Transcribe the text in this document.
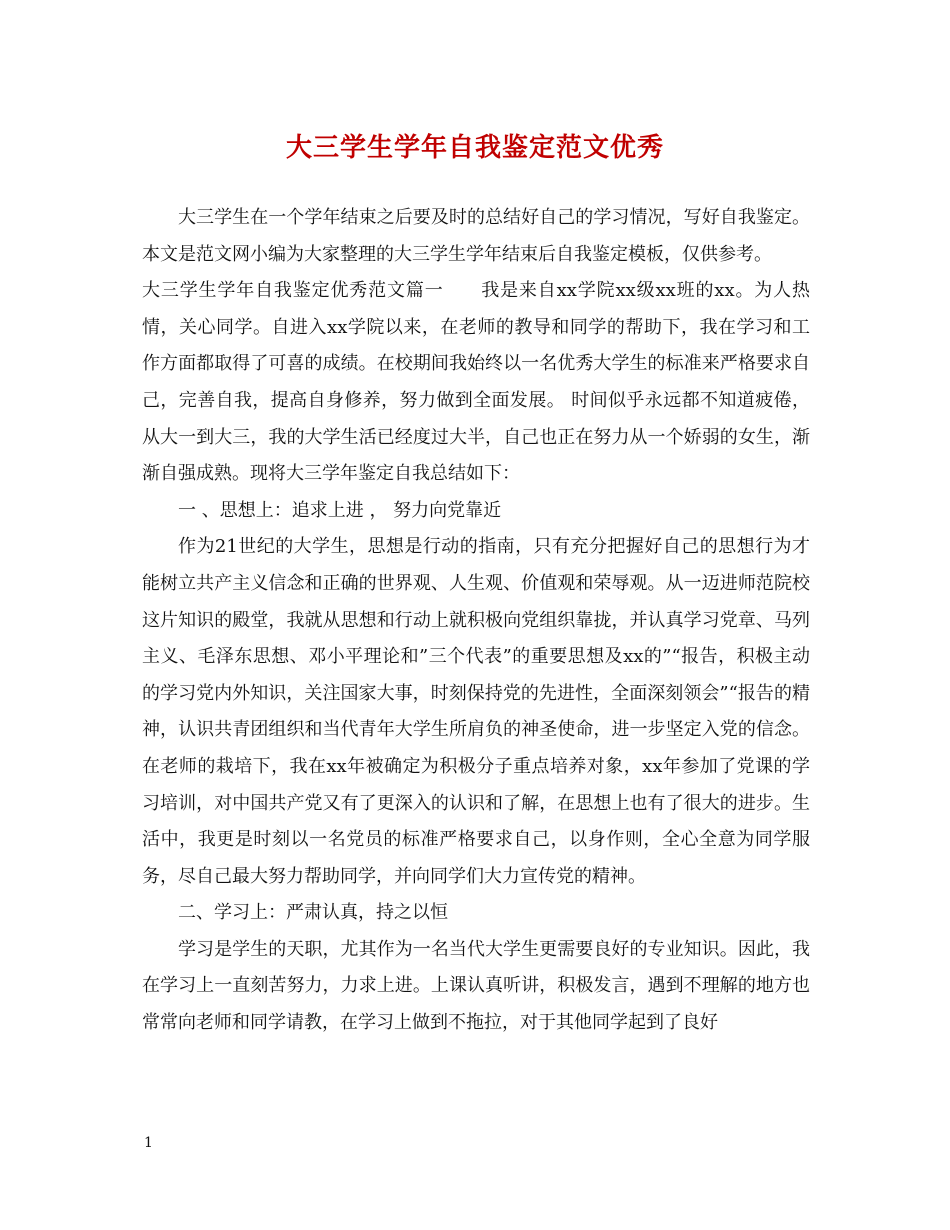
大三学生学年自我鉴定范文优秀

大三学生在一个学年结束之后要及时的总结好自己的学习情况，写好自我鉴定。本文是范文网小编为大家整理的大三学生学年结束后自我鉴定模板，仅供参考。

大三学生学年自我鉴定优秀范文篇一　　我是来自xx学院xx级xx班的xx。为人热情，关心同学。自进入xx学院以来，在老师的教导和同学的帮助下，我在学习和工作方面都取得了可喜的成绩。在校期间我始终以一名优秀大学生的标准来严格要求自己，完善自我，提高自身修养，努力做到全面发展。 时间似乎永远都不知道疲倦，从大一到大三，我的大学生活已经度过大半，自己也正在努力从一个娇弱的女生，渐渐自强成熟。现将大三学年鉴定自我总结如下：

一 、思想上：追求上进 ， 努力向党靠近

作为21世纪的大学生，思想是行动的指南，只有充分把握好自己的思想行为才能树立共产主义信念和正确的世界观、人生观、价值观和荣辱观。从一迈进师范院校这片知识的殿堂，我就从思想和行动上就积极向党组织靠拢，并认真学习党章、马列主义、毛泽东思想、邓小平理论和”三个代表”的重要思想及xx的”“报告，积极主动的学习党内外知识，关注国家大事，时刻保持党的先进性，全面深刻领会”“报告的精神，认识共青团组织和当代青年大学生所肩负的神圣使命，进一步坚定入党的信念。在老师的栽培下，我在xx年被确定为积极分子重点培养对象，xx年参加了党课的学习培训，对中国共产党又有了更深入的认识和了解，在思想上也有了很大的进步。生活中，我更是时刻以一名党员的标准严格要求自己，以身作则，全心全意为同学服务，尽自己最大努力帮助同学，并向同学们大力宣传党的精神。

二、学习上：严肃认真，持之以恒

学习是学生的天职，尤其作为一名当代大学生更需要良好的专业知识。因此，我在学习上一直刻苦努力，力求上进。上课认真听讲，积极发言，遇到不理解的地方也常常向老师和同学请教，在学习上做到不拖拉，对于其他同学起到了良好

1
